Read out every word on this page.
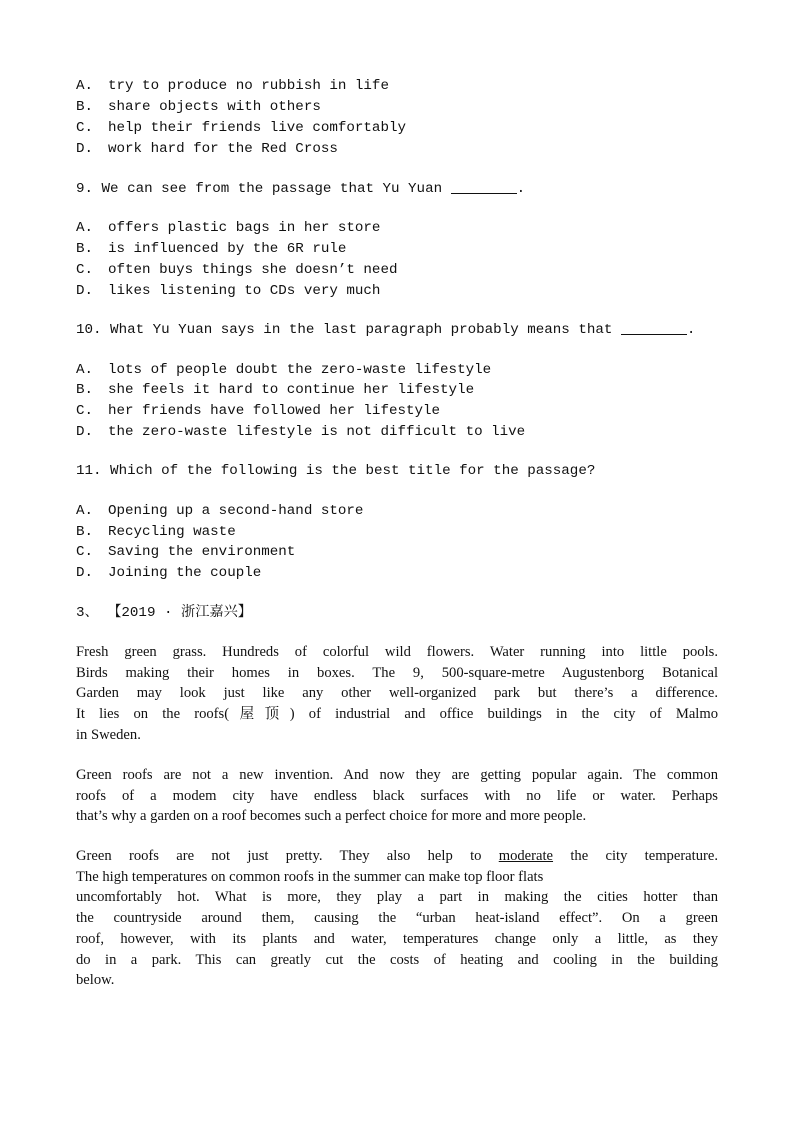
A. try to produce no rubbish in life
B. share objects with others
C. help their friends live comfortably
D. work hard for the Red Cross
9. We can see from the passage that Yu Yuan	.
A. offers plastic bags in her store
B. is influenced by the 6R rule
C. often buys things she doesn’t need
D. likes listening to CDs very much
10. What Yu Yuan says in the last paragraph probably means that	.
A. lots of people doubt the zero-waste lifestyle
B. she feels it hard to continue her lifestyle
C. her friends have followed her lifestyle
D. the zero-waste lifestyle is not difficult to live
11. Which of the following is the best title for the passage?
A. Opening up a second-hand store
B. Recycling waste
C. Saving the environment
D. Joining the couple
3、 【2019 · 浙江嘉兴】
Fresh green grass. Hundreds of colorful wild flowers. Water running into little pools.
Birds making their homes in boxes. The 9, 500-square-metre Augustenborg Botanical
Garden may look just like any other well-organized park but there’s a difference.
It lies on the roofs(屋顶) of industrial and office buildings in the city of Malmo
in Sweden.
Green roofs are not a new invention. And now they are getting popular again. The common
roofs of a modem city have endless black surfaces with no life or water. Perhaps
that’s why a garden on a roof becomes such a perfect choice for more and more people.
Green roofs are not just pretty. They also help to moderate the city temperature.
The high temperatures on common roofs in the summer can make top floor flats
uncomfortably hot. What is more, they play a part in making the cities hotter than
the countryside around them, causing the “urban heat-island effect”. On a green
roof, however, with its plants and water, temperatures change only a little, as they
do in a park. This can greatly cut the costs of heating and cooling in the building
below.
